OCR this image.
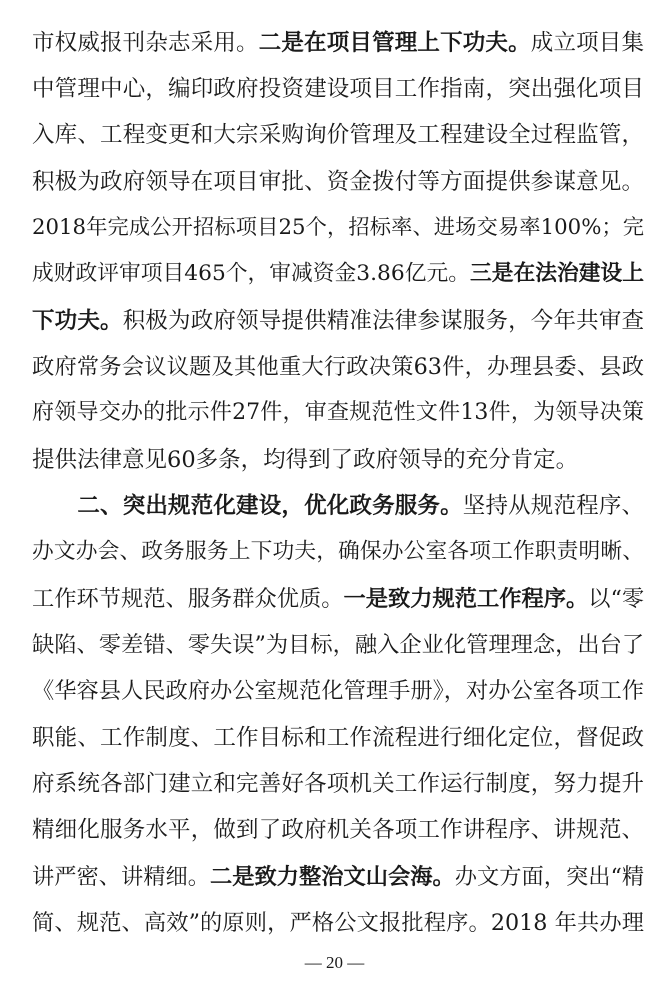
市权威报刊杂志采用。二是在项目管理上下功夫。成立项目集
中管理中心，编印政府投资建设项目工作指南，突出强化项目
入库、工程变更和大宗采购询价管理及工程建设全过程监管，
积极为政府领导在项目审批、资金拨付等方面提供参谋意见。
2018年完成公开招标项目25个，招标率、进场交易率100%；完
成财政评审项目465个，审减资金3.86亿元。三是在法治建设上
下功夫。积极为政府领导提供精准法律参谋服务，今年共审查
政府常务会议议题及其他重大行政决策63件，办理县委、县政
府领导交办的批示件27件，审查规范性文件13件，为领导决策
提供法律意见60多条，均得到了政府领导的充分肯定。
　　二、突出规范化建设，优化政务服务。坚持从规范程序、
办文办会、政务服务上下功夫，确保办公室各项工作职责明晰、
工作环节规范、服务群众优质。一是致力规范工作程序。以“零
缺陷、零差错、零失误”为目标，融入企业化管理理念，出台了
《华容县人民政府办公室规范化管理手册》，对办公室各项工作
职能、工作制度、工作目标和工作流程进行细化定位，督促政
府系统各部门建立和完善好各项机关工作运行制度，努力提升
精细化服务水平，做到了政府机关各项工作讲程序、讲规范、
讲严密、讲精细。二是致力整治文山会海。办文方面，突出“精
简、规范、高效”的原则，严格公文报批程序。2018 年共办理
— 20 —
